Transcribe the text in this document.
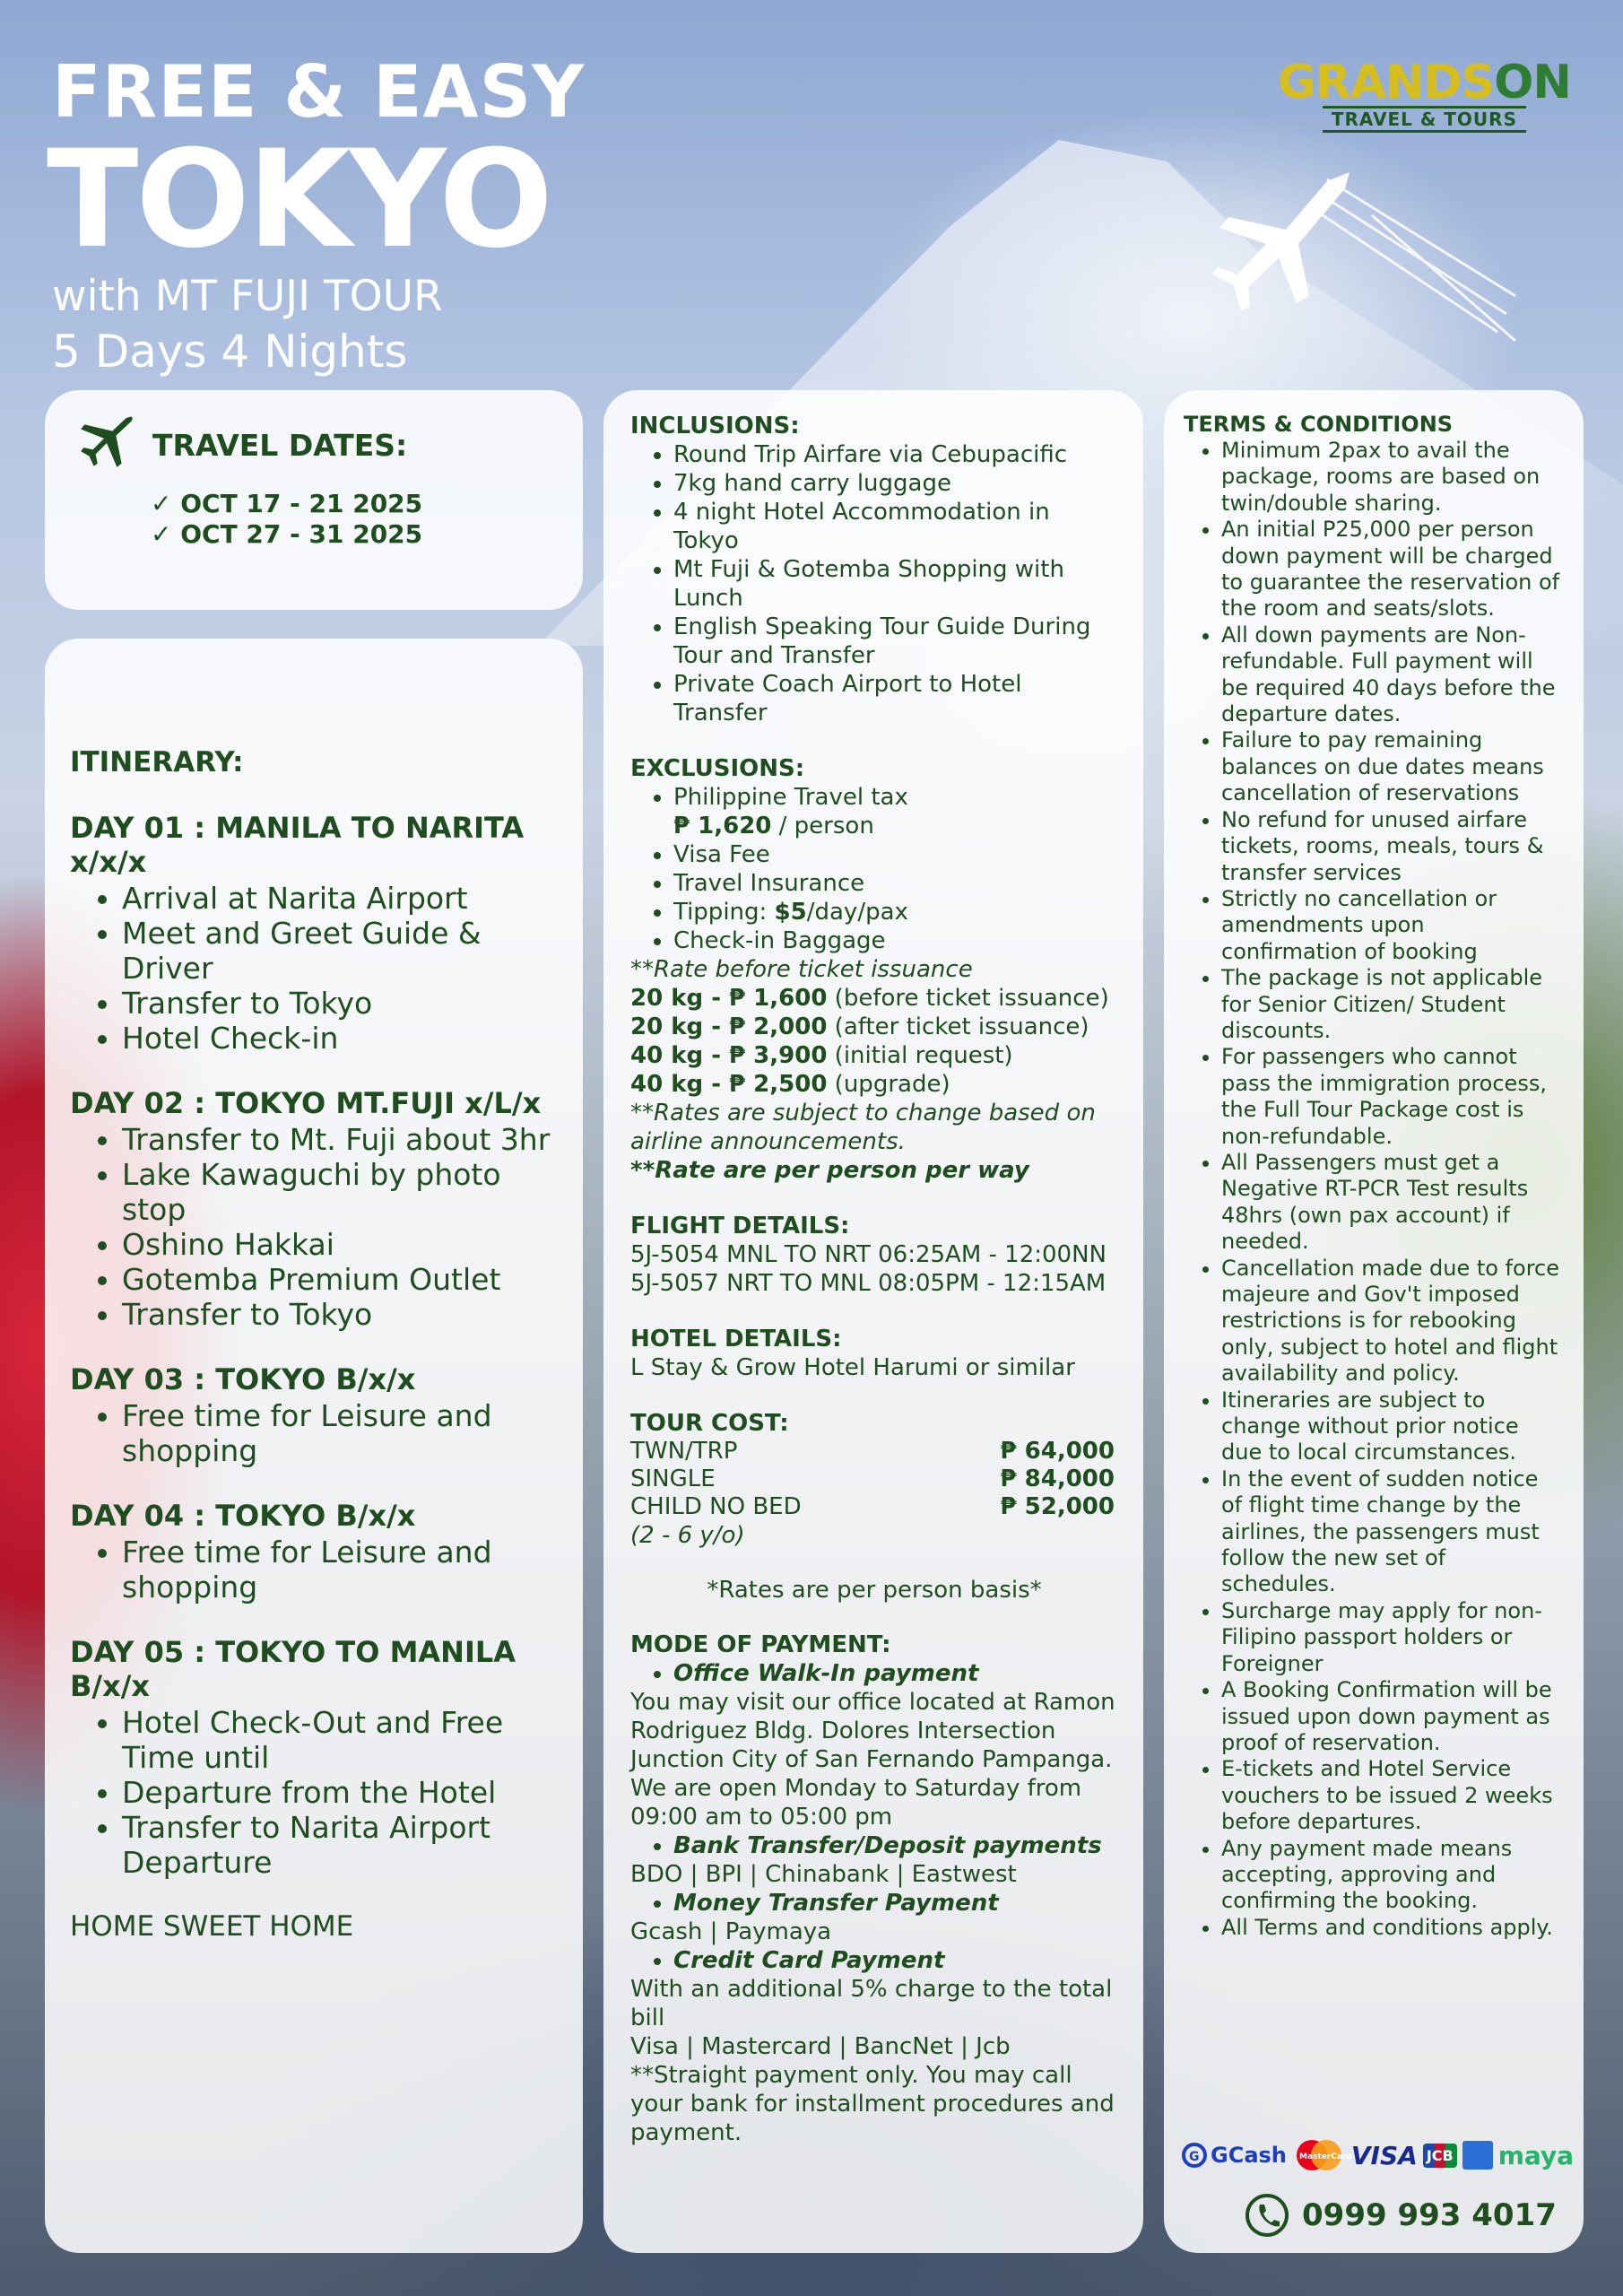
FREE & EASY
TOKYO
with MT FUJI TOUR
5 Days 4 Nights
GRANDSON
TRAVEL & TOURS
TRAVEL DATES:
✓ OCT 17 - 21 2025
✓ OCT 27 - 31 2025
ITINERARY:
DAY 01 : MANILA TO NARITA x/x/x
• Arrival at Narita Airport
• Meet and Greet Guide & Driver
• Transfer to Tokyo
• Hotel Check-in
DAY 02 : TOKYO MT.FUJI x/L/x
• Transfer to Mt. Fuji about 3hr
• Lake Kawaguchi by photo stop
• Oshino Hakkai
• Gotemba Premium Outlet
• Transfer to Tokyo
DAY 03 : TOKYO B/x/x
• Free time for Leisure and shopping
DAY 04 : TOKYO B/x/x
• Free time for Leisure and shopping
DAY 05 : TOKYO TO MANILA B/x/x
• Hotel Check-Out and Free Time until
• Departure from the Hotel
• Transfer to Narita Airport Departure
HOME SWEET HOME
INCLUSIONS:
• Round Trip Airfare via Cebupacific
• 7kg hand carry luggage
• 4 night Hotel Accommodation in Tokyo
• Mt Fuji & Gotemba Shopping with Lunch
• English Speaking Tour Guide During Tour and Transfer
• Private Coach Airport to Hotel Transfer
EXCLUSIONS:
• Philippine Travel tax
₱ 1,620 / person
• Visa Fee
• Travel Insurance
• Tipping: $5/day/pax
• Check-in Baggage
**Rate before ticket issuance
20 kg - ₱ 1,600 (before ticket issuance)
20 kg - ₱ 2,000 (after ticket issuance)
40 kg - ₱ 3,900 (initial request)
40 kg - ₱ 2,500 (upgrade)
**Rates are subject to change based on airline announcements.
**Rate are per person per way
FLIGHT DETAILS:
5J-5054 MNL TO NRT 06:25AM - 12:00NN
5J-5057 NRT TO MNL 08:05PM - 12:15AM
HOTEL DETAILS:
L Stay & Grow Hotel Harumi or similar
TOUR COST:
TWN/TRP	₱ 64,000
SINGLE	₱ 84,000
CHILD NO BED	₱ 52,000
(2 - 6 y/o)
*Rates are per person basis*
MODE OF PAYMENT:
• Office Walk-In payment
You may visit our office located at Ramon Rodriguez Bldg. Dolores Intersection Junction City of San Fernando Pampanga. We are open Monday to Saturday from 09:00 am to 05:00 pm
• Bank Transfer/Deposit payments
BDO | BPI | Chinabank | Eastwest
• Money Transfer Payment
Gcash | Paymaya
• Credit Card Payment
With an additional 5% charge to the total bill
Visa | Mastercard | BancNet | Jcb
**Straight payment only. You may call your bank for installment procedures and payment.
TERMS & CONDITIONS
• Minimum 2pax to avail the package, rooms are based on twin/double sharing.
• An initial P25,000 per person down payment will be charged to guarantee the reservation of the room and seats/slots.
• All down payments are Non-refundable. Full payment will be required 40 days before the departure dates.
• Failure to pay remaining balances on due dates means cancellation of reservations
• No refund for unused airfare tickets, rooms, meals, tours & transfer services
• Strictly no cancellation or amendments upon confirmation of booking
• The package is not applicable for Senior Citizen/ Student discounts.
• For passengers who cannot pass the immigration process, the Full Tour Package cost is non-refundable.
• All Passengers must get a Negative RT-PCR Test results 48hrs (own pax account) if needed.
• Cancellation made due to force majeure and Gov't imposed restrictions is for rebooking only, subject to hotel and flight availability and policy.
• Itineraries are subject to change without prior notice due to local circumstances.
• In the event of sudden notice of flight time change by the airlines, the passengers must follow the new set of schedules.
• Surcharge may apply for non-Filipino passport holders or Foreigner
• A Booking Confirmation will be issued upon down payment as proof of reservation.
• E-tickets and Hotel Service vouchers to be issued 2 weeks before departures.
• Any payment made means accepting, approving and confirming the booking.
• All Terms and conditions apply.
G GCash MasterCard VISA JCB maya
0999 993 4017
